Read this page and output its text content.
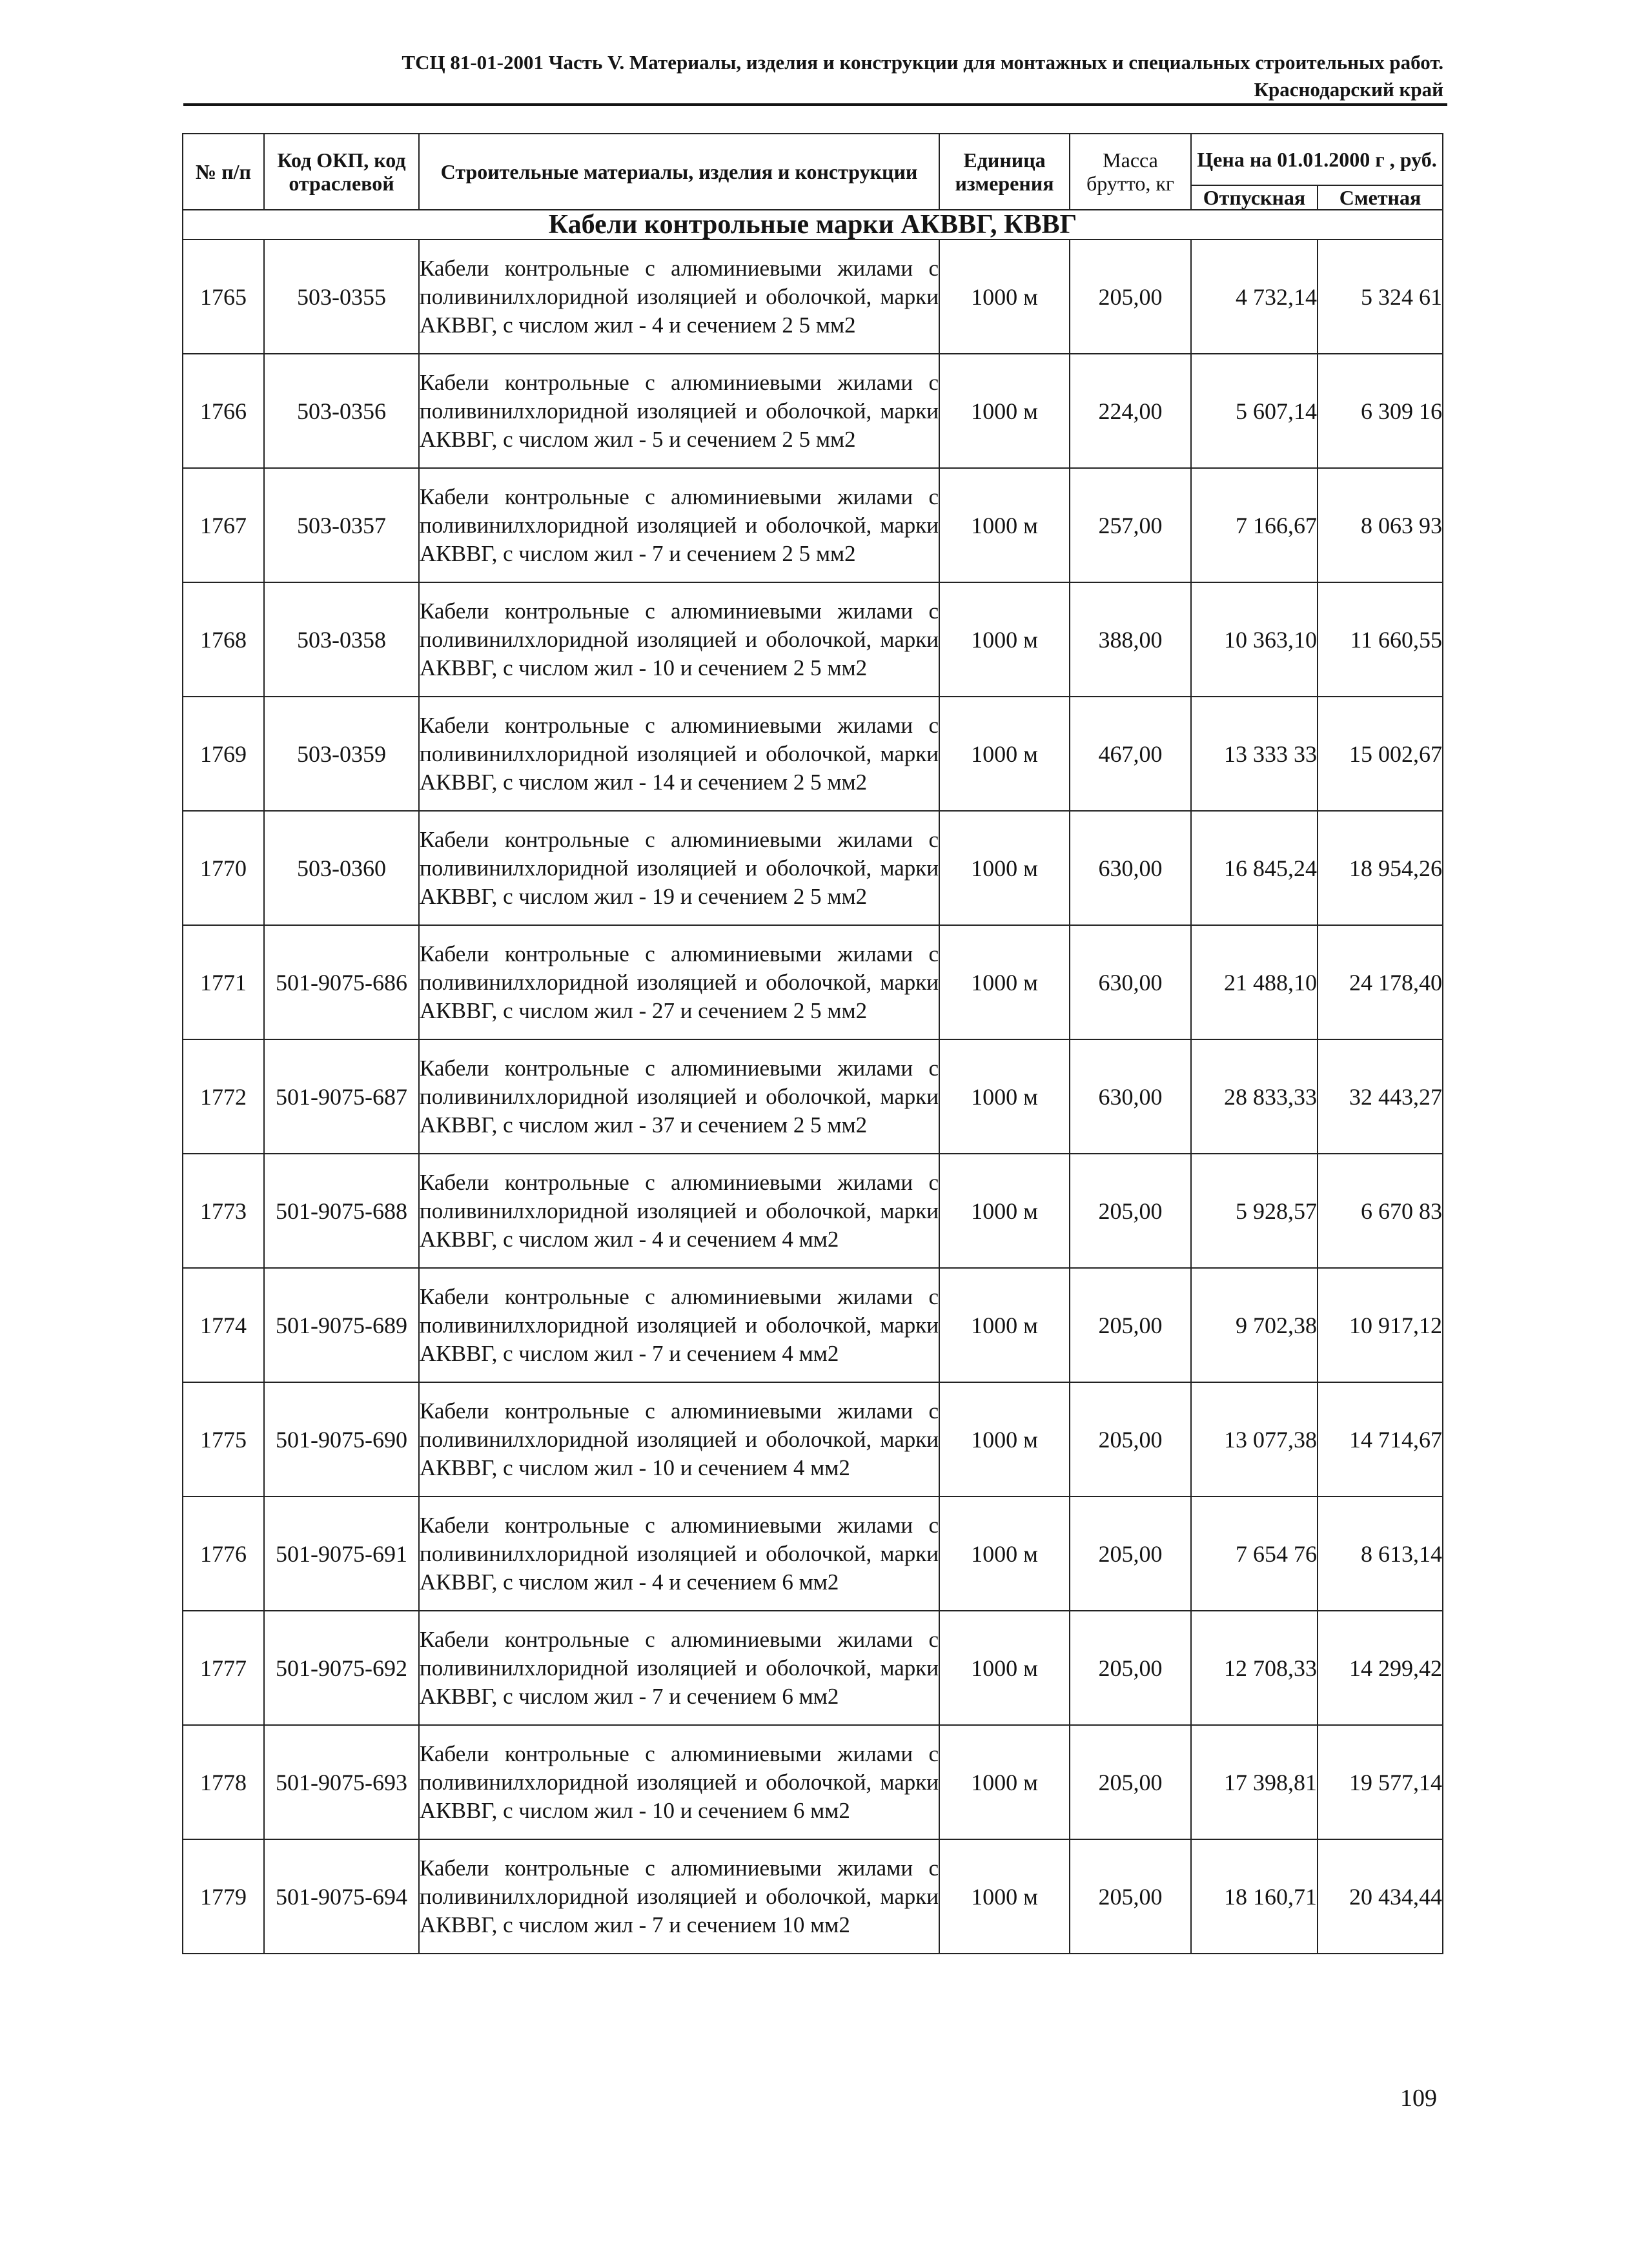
ТСЦ 81-01-2001 Часть V. Материалы, изделия и конструкции для монтажных и специальных строительных работ.
Краснодарский край
№ п/п	Код ОКП, код отраслевой	Строительные материалы, изделия и конструкции	Единица измерения	Масса брутто, кг	Цена на 01.01.2000 г , руб.	
					Отпускная	Сметная
Кабели контрольные марки АКВВГ, КВВГ						
1765	503-0355	Кабели контрольные с алюминиевыми жилами с поливинилхлоридной изоляцией и оболочкой, марки АКВВГ, с числом жил - 4 и сечением 2 5 мм2	1000 м	205,00	4 732,14	5 324 61
1766	503-0356	Кабели контрольные с алюминиевыми жилами с поливинилхлоридной изоляцией и оболочкой, марки АКВВГ, с числом жил - 5 и сечением 2 5 мм2	1000 м	224,00	5 607,14	6 309 16
1767	503-0357	Кабели контрольные с алюминиевыми жилами с поливинилхлоридной изоляцией и оболочкой, марки АКВВГ, с числом жил - 7 и сечением 2 5 мм2	1000 м	257,00	7 166,67	8 063 93
1768	503-0358	Кабели контрольные с алюминиевыми жилами с поливинилхлоридной изоляцией и оболочкой, марки АКВВГ, с числом жил - 10 и сечением 2 5 мм2	1000 м	388,00	10 363,10	11 660,55
1769	503-0359	Кабели контрольные с алюминиевыми жилами с поливинилхлоридной изоляцией и оболочкой, марки АКВВГ, с числом жил - 14 и сечением 2 5 мм2	1000 м	467,00	13 333 33	15 002,67
1770	503-0360	Кабели контрольные с алюминиевыми жилами с поливинилхлоридной изоляцией и оболочкой, марки АКВВГ, с числом жил - 19 и сечением 2 5 мм2	1000 м	630,00	16 845,24	18 954,26
1771	501-9075-686	Кабели контрольные с алюминиевыми жилами с поливинилхлоридной изоляцией и оболочкой, марки АКВВГ, с числом жил - 27 и сечением 2 5 мм2	1000 м	630,00	21 488,10	24 178,40
1772	501-9075-687	Кабели контрольные с алюминиевыми жилами с поливинилхлоридной изоляцией и оболочкой, марки АКВВГ, с числом жил - 37 и сечением 2 5 мм2	1000 м	630,00	28 833,33	32 443,27
1773	501-9075-688	Кабели контрольные с алюминиевыми жилами с поливинилхлоридной изоляцией и оболочкой, марки АКВВГ, с числом жил - 4 и сечением 4 мм2	1000 м	205,00	5 928,57	6 670 83
1774	501-9075-689	Кабели контрольные с алюминиевыми жилами с поливинилхлоридной изоляцией и оболочкой, марки АКВВГ, с числом жил - 7 и сечением 4 мм2	1000 м	205,00	9 702,38	10 917,12
1775	501-9075-690	Кабели контрольные с алюминиевыми жилами с поливинилхлоридной изоляцией и оболочкой, марки АКВВГ, с числом жил - 10 и сечением 4 мм2	1000 м	205,00	13 077,38	14 714,67
1776	501-9075-691	Кабели контрольные с алюминиевыми жилами с поливинилхлоридной изоляцией и оболочкой, марки АКВВГ, с числом жил - 4 и сечением 6 мм2	1000 м	205,00	7 654 76	8 613,14
1777	501-9075-692	Кабели контрольные с алюминиевыми жилами с поливинилхлоридной изоляцией и оболочкой, марки АКВВГ, с числом жил - 7 и сечением 6 мм2	1000 м	205,00	12 708,33	14 299,42
1778	501-9075-693	Кабели контрольные с алюминиевыми жилами с поливинилхлоридной изоляцией и оболочкой, марки АКВВГ, с числом жил - 10 и сечением 6 мм2	1000 м	205,00	17 398,81	19 577,14
1779	501-9075-694	Кабели контрольные с алюминиевыми жилами с поливинилхлоридной изоляцией и оболочкой, марки АКВВГ, с числом жил - 7 и сечением 10 мм2	1000 м	205,00	18 160,71	20 434,44
109
